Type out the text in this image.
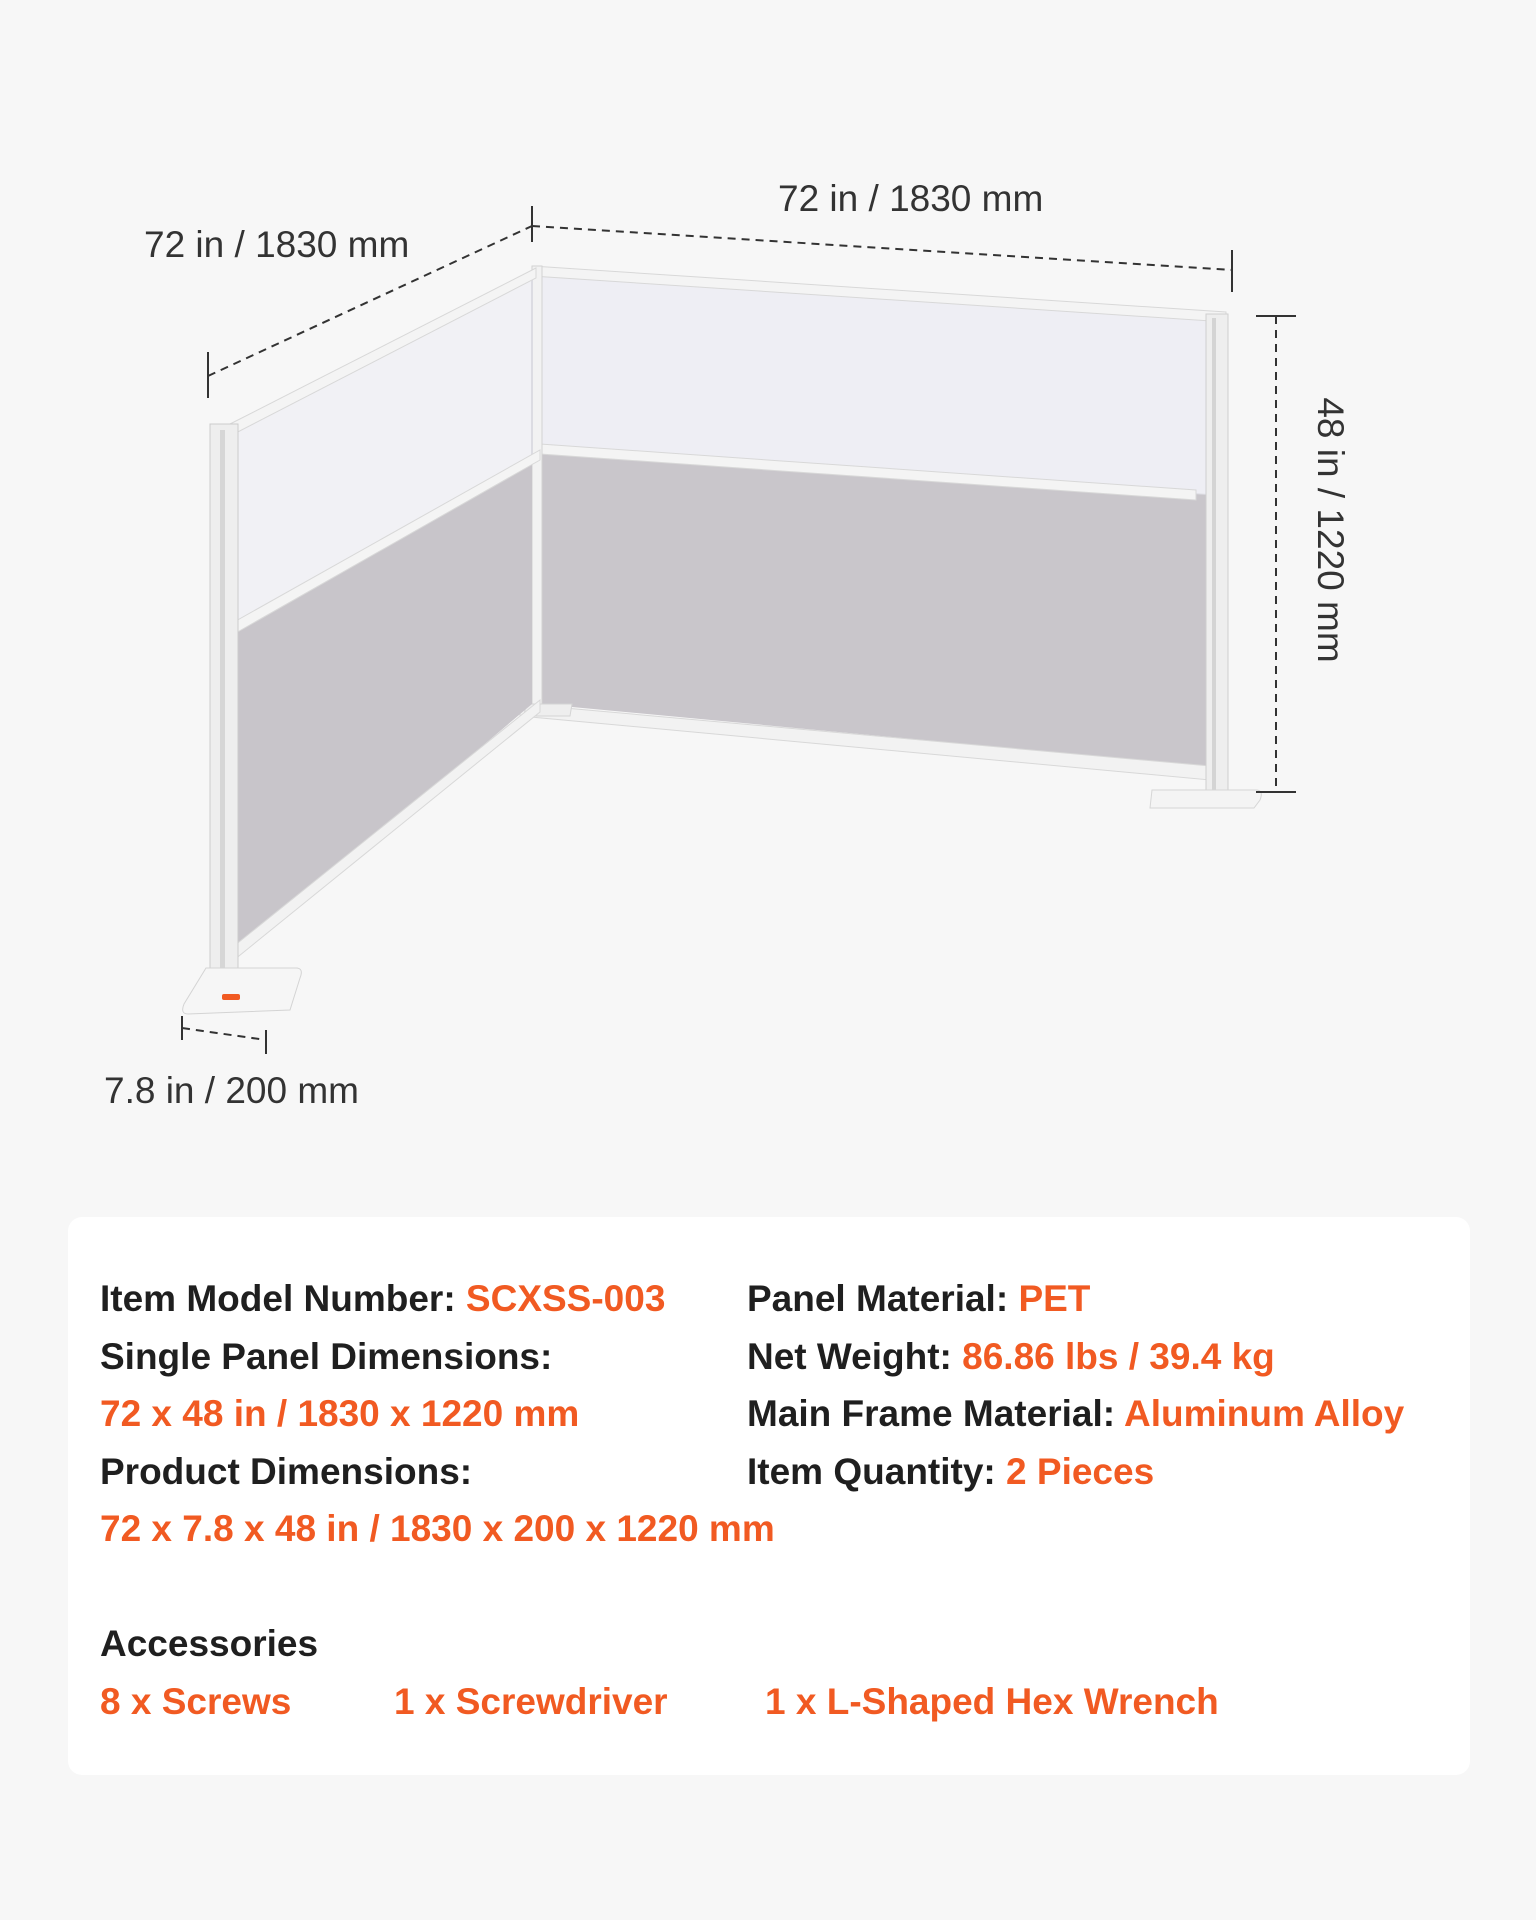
72 in / 1830 mm
72 in / 1830 mm
48 in / 1220 mm
7.8 in / 200 mm
Item Model Number: SCXSS-003
Single Panel Dimensions:
72 x 48 in / 1830 x 1220 mm
Product Dimensions:
72 x 7.8 x 48 in / 1830 x 200 x 1220 mm
Panel Material: PET
Net Weight: 86.86 lbs / 39.4 kg
Main Frame Material: Aluminum Alloy
Item Quantity: 2 Pieces
Accessories
8 x Screws	1 x Screwdriver	1 x L-Shaped Hex Wrench
